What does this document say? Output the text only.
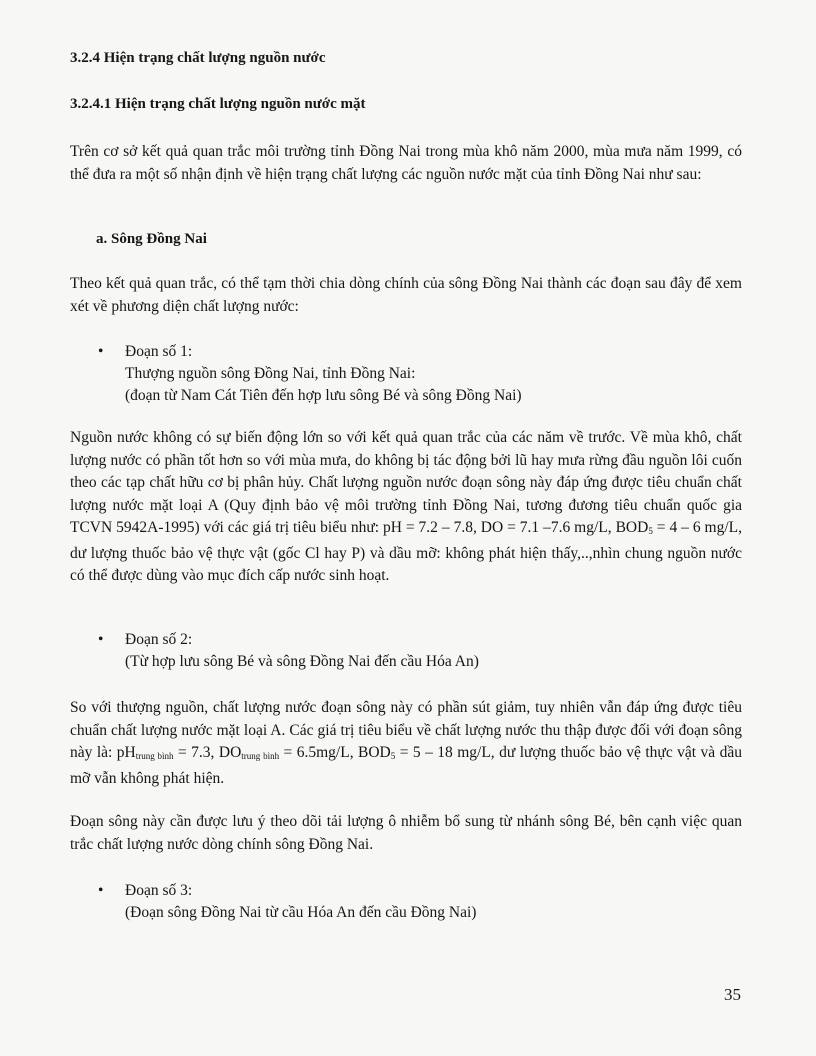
3.2.4 Hiện trạng chất lượng nguồn nước
3.2.4.1 Hiện trạng chất lượng nguồn nước mặt

Trên cơ sở kết quả quan trắc môi trường tỉnh Đồng Nai trong mùa khô năm 2000, mùa mưa năm 1999, có thể đưa ra một số nhận định về hiện trạng chất lượng các nguồn nước mặt của tỉnh Đồng Nai như sau:

a. Sông Đồng Nai

Theo kết quả quan trắc, có thể tạm thời chia dòng chính của sông Đồng Nai thành các đoạn sau đây để xem xét về phương diện chất lượng nước:

• Đoạn số 1:
Thượng nguồn sông Đồng Nai, tỉnh Đồng Nai:
(đoạn từ Nam Cát Tiên đến hợp lưu sông Bé và sông Đồng Nai)

Nguồn nước không có sự biến động lớn so với kết quả quan trắc của các năm về trước. Về mùa khô, chất lượng nước có phần tốt hơn so với mùa mưa, do không bị tác động bởi lũ hay mưa rừng đầu nguồn lôi cuốn theo các tạp chất hữu cơ bị phân hủy. Chất lượng nguồn nước đoạn sông này đáp ứng được tiêu chuẩn chất lượng nước mặt loại A (Quy định bảo vệ môi trường tỉnh Đồng Nai, tương đương tiêu chuẩn quốc gia TCVN 5942A-1995) với các giá trị tiêu biểu như: pH = 7.2 – 7.8, DO = 7.1 –7.6 mg/L, $BOD_5 = 4 - 6$ mg/L, dư lượng thuốc bảo vệ thực vật (gốc Cl hay P) và dầu mỡ: không phát hiện thấy,..,nhìn chung nguồn nước có thể được dùng vào mục đích cấp nước sinh hoạt.

• Đoạn số 2:
(Từ hợp lưu sông Bé và sông Đồng Nai đến cầu Hóa An)

So với thượng nguồn, chất lượng nước đoạn sông này có phần sút giảm, tuy nhiên vẫn đáp ứng được tiêu chuẩn chất lượng nước mặt loại A. Các giá trị tiêu biểu về chất lượng nước thu thập được đối với đoạn sông này là: $pH_{trung bình} = 7.3$, $DO_{trung bình} = 6.5mg/L$, $BOD_5 = 5 - 18$ mg/L, dư lượng thuốc bảo vệ thực vật và dầu mỡ vẫn không phát hiện.

Đoạn sông này cần được lưu ý theo dõi tải lượng ô nhiễm bổ sung từ nhánh sông Bé, bên cạnh việc quan trắc chất lượng nước dòng chính sông Đồng Nai.

• Đoạn số 3:
(Đoạn sông Đồng Nai từ cầu Hóa An đến cầu Đồng Nai)
35
